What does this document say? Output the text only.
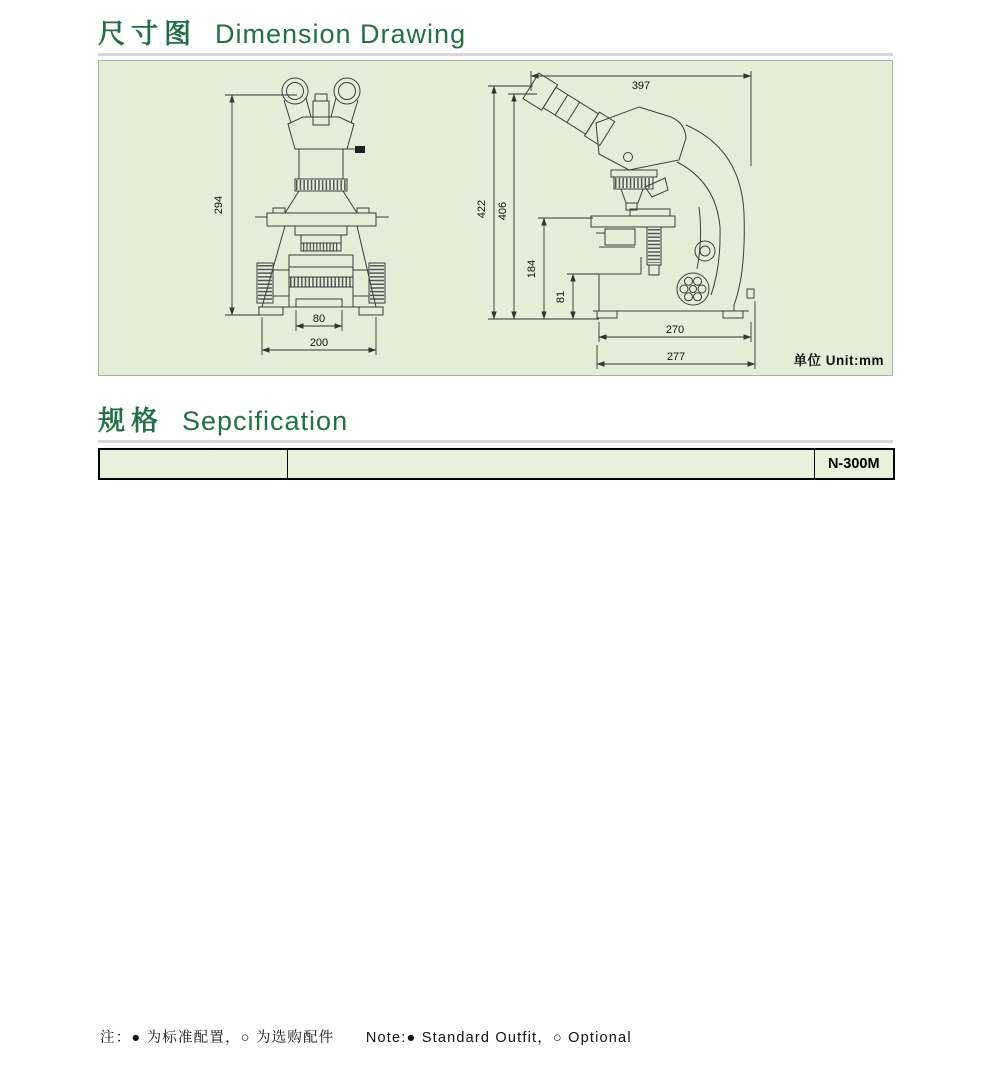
尺寸图 Dimension Drawing
294
80
200
397
422 406
184
81
270
277	单位 Unit:mm
规格 Sepcification
		N-300M
注：● 为标准配置，○ 为选购配件　　Note:● Standard Outfit，○ Optional
